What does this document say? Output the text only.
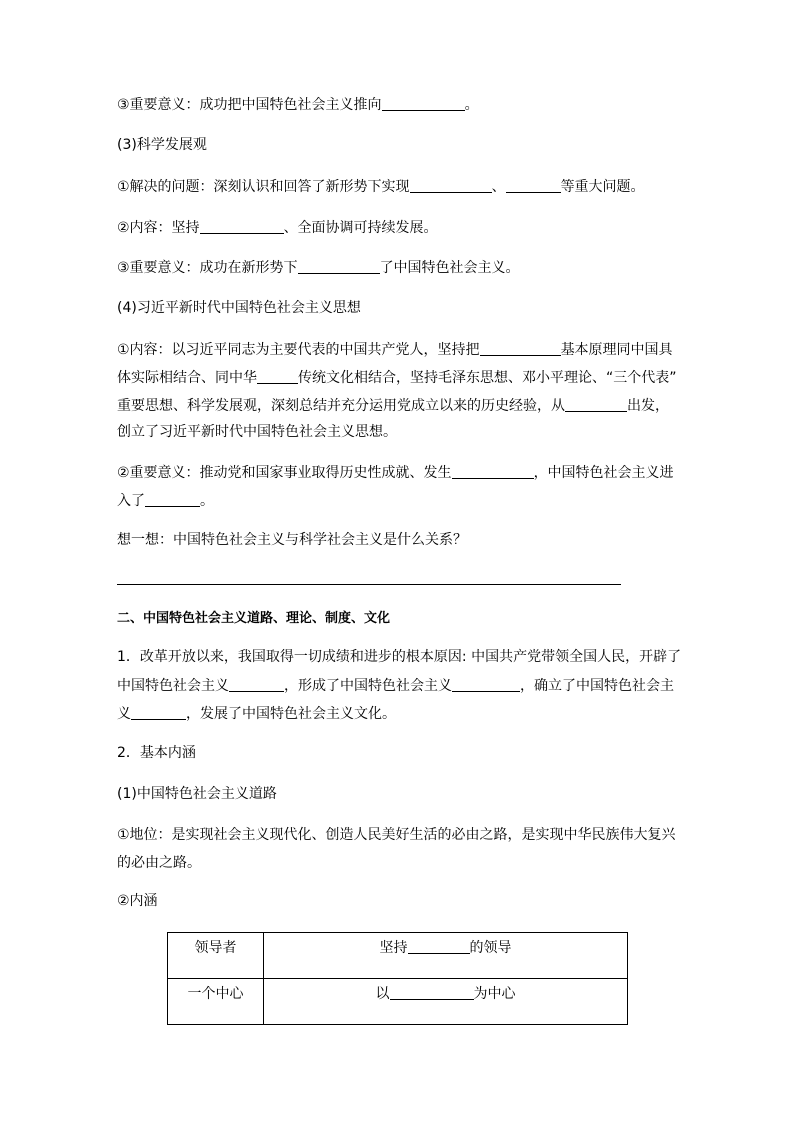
③重要意义：成功把中国特色社会主义推向	。
(3)科学发展观
①解决的问题：深刻认识和回答了新形势下实现	、	等重大问题。
②内容：坚持	、全面协调可持续发展。
③重要意义：成功在新形势下	了中国特色社会主义。
(4)习近平新时代中国特色社会主义思想
①内容：以习近平同志为主要代表的中国共产党人，坚持把	基本原理同中国具
体实际相结合、同中华	传统文化相结合，坚持毛泽东思想、邓小平理论、“三个代表”
重要思想、科学发展观，深刻总结并充分运用党成立以来的历史经验，从	出发，
创立了习近平新时代中国特色社会主义思想。
②重要意义：推动党和国家事业取得历史性成就、发生	，中国特色社会主义进
入了	。
想一想：中国特色社会主义与科学社会主义是什么关系？
二、中国特色社会主义道路、理论、制度、文化
1．改革开放以来，我国取得一切成绩和进步的根本原因: 中国共产党带领全国人民，开辟了
中国特色社会主义	，形成了中国特色社会主义	，确立了中国特色社会主
义	，发展了中国特色社会主义文化。
2．基本内涵
(1)中国特色社会主义道路
①地位：是实现社会主义现代化、创造人民美好生活的必由之路，是实现中华民族伟大复兴
的必由之路。
②内涵
领导者	坚持 的领导
一个中心	以 为中心
